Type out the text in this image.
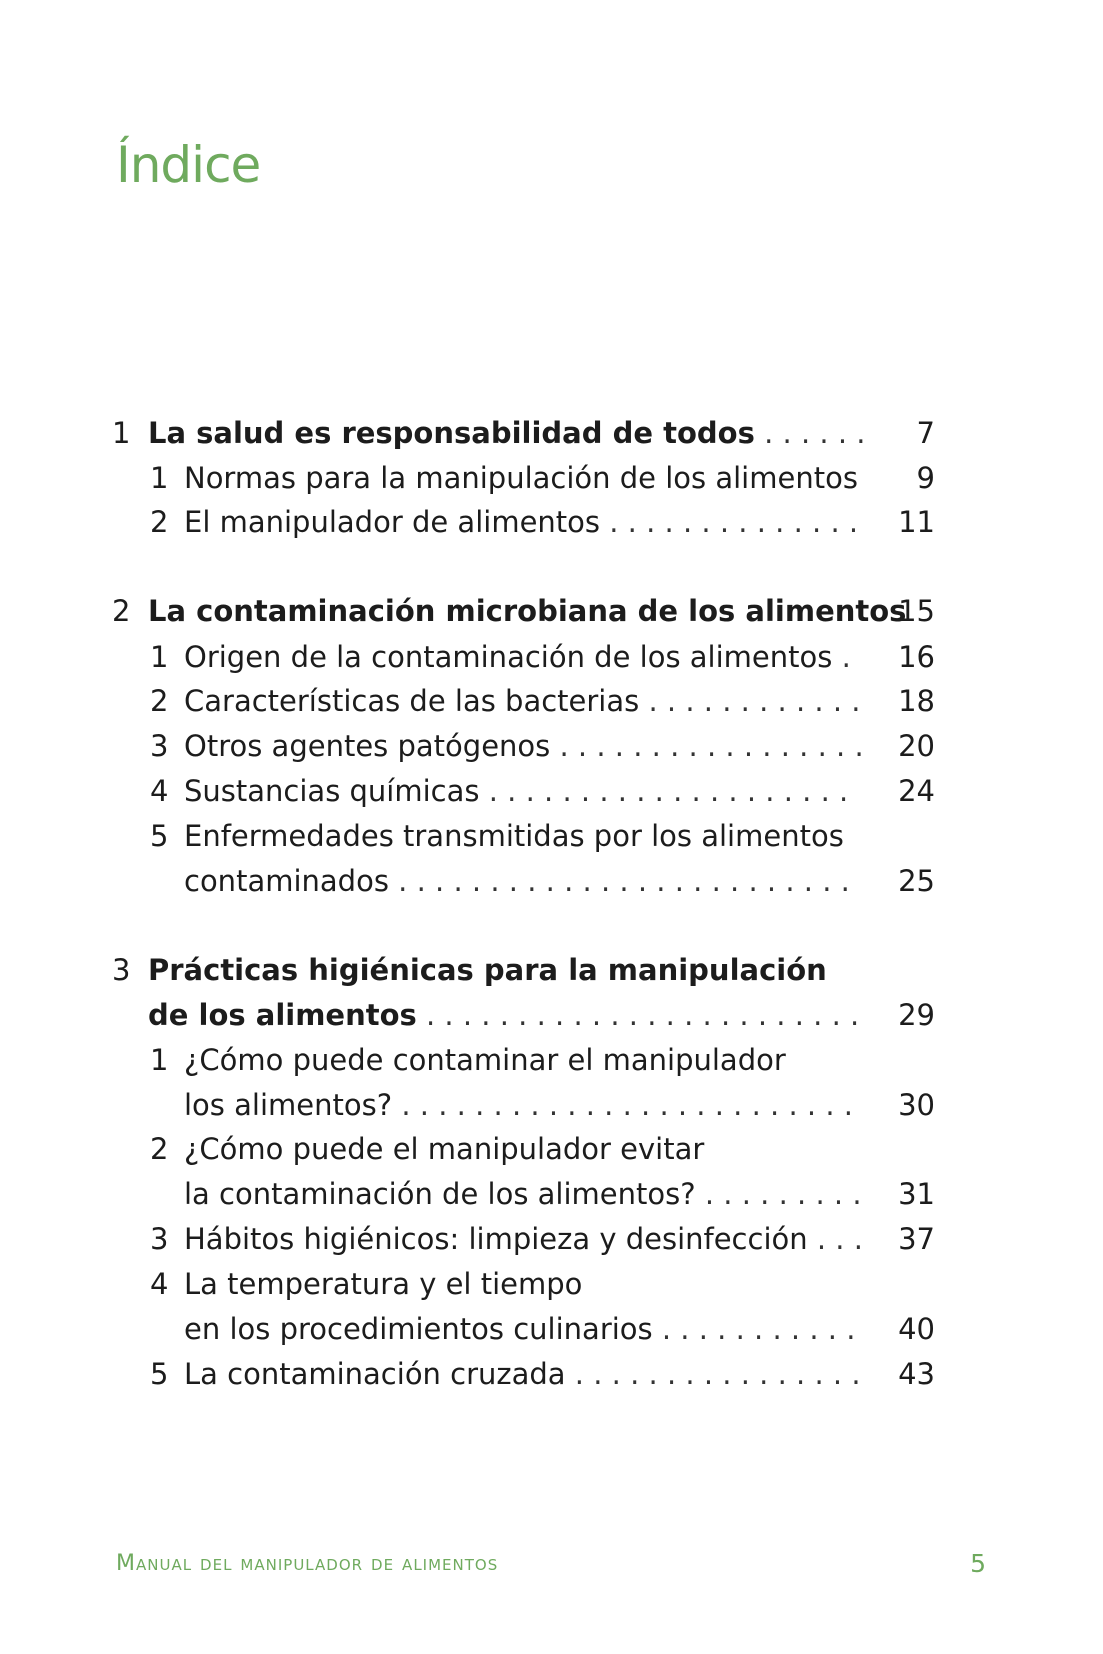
Índice
1 La salud es responsabilidad de todos . . . . . . 7
1 Normas para la manipulación de los alimentos 9
2 El manipulador de alimentos . . . . . . . . . . . . . . 11
2 La contaminación microbiana de los alimentos
15
1 Origen de la contaminación de los alimentos . 16
2 Características de las bacterias . . . . . . . . . . . . 18
3 Otros agentes patógenos . . . . . . . . . . . . . . . . . 20
4 Sustancias químicas . . . . . . . . . . . . . . . . . . . . 24
5 Enfermedades transmitidas por los alimentos
contaminados . . . . . . . . . . . . . . . . . . . . . . . . . 25
3 Prácticas higiénicas para la manipulación
de los alimentos . . . . . . . . . . . . . . . . . . . . . . . . 29
1 ¿Cómo puede contaminar el manipulador
los alimentos? . . . . . . . . . . . . . . . . . . . . . . . . . 30
2 ¿Cómo puede el manipulador evitar
la contaminación de los alimentos? . . . . . . . . . 31
3 Hábitos higiénicos: limpieza y desinfección . . . 37
4 La temperatura y el tiempo
en los procedimientos culinarios . . . . . . . . . . . 40
5 La contaminación cruzada . . . . . . . . . . . . . . . . 43
Manual del manipulador de alimentos	5
